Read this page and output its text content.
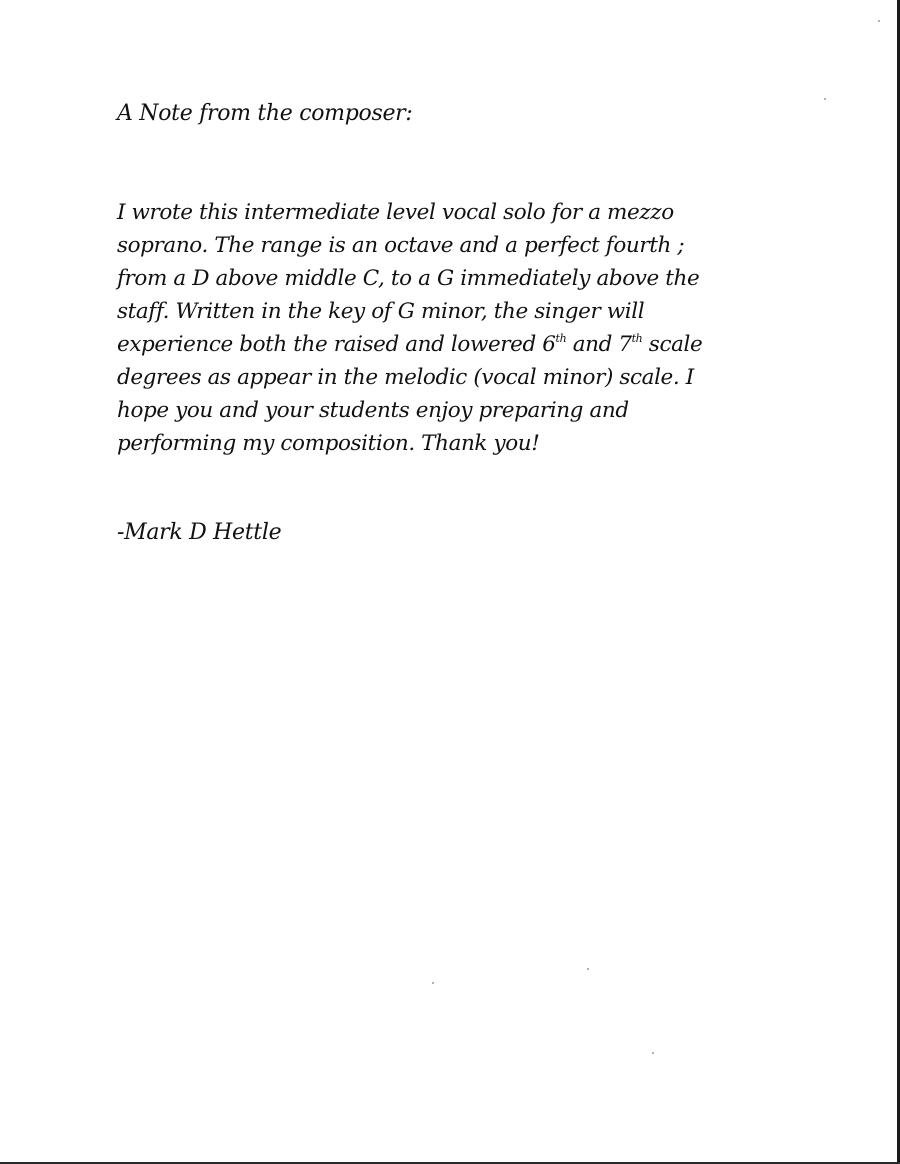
A Note from the composer:
I wrote this intermediate level vocal solo for a mezzo
soprano. The range is an octave and a perfect fourth ;
from a D above middle C, to a G immediately above the
staff. Written in the key of G minor, the singer will
experience both the raised and lowered 6th and 7th scale
degrees as appear in the melodic (vocal minor) scale. I
hope you and your students enjoy preparing and
performing my composition. Thank you!
-Mark D Hettle
